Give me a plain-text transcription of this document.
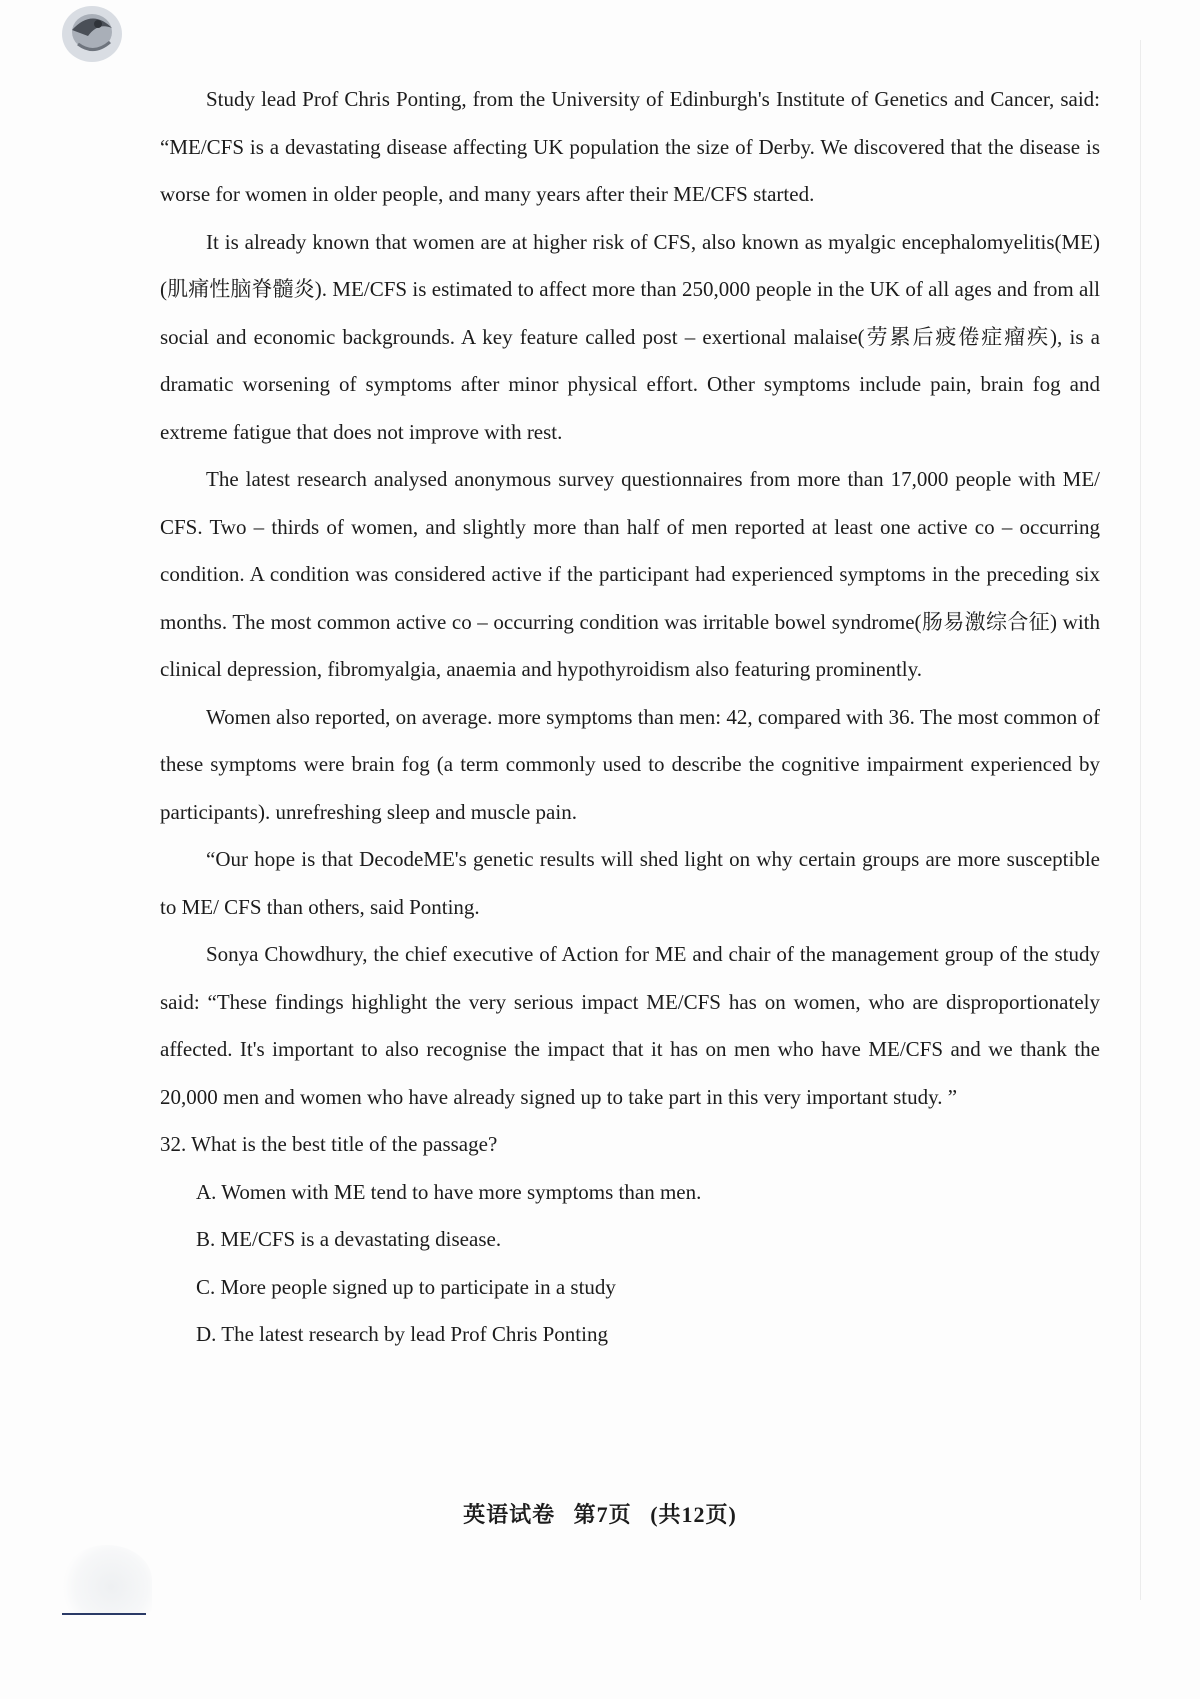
Study lead Prof Chris Ponting, from the University of Edinburgh's Institute of Genetics and Cancer, said: “ME/CFS is a devastating disease affecting UK population the size of Derby. We discovered that the disease is worse for women in older people, and many years after their ME/CFS started.

It is already known that women are at higher risk of CFS, also known as myalgic encephalomyelitis(ME)(肌痛性脑脊髓炎). ME/CFS is estimated to affect more than 250,000 people in the UK of all ages and from all social and economic backgrounds. A key feature called post – exertional malaise(劳累后疲倦症瘤疾), is a dramatic worsening of symptoms after minor physical effort. Other symptoms include pain, brain fog and extreme fatigue that does not improve with rest.

The latest research analysed anonymous survey questionnaires from more than 17,000 people with ME/ CFS. Two – thirds of women, and slightly more than half of men reported at least one active co – occurring condition. A condition was considered active if the participant had experienced symptoms in the preceding six months. The most common active co – occurring condition was irritable bowel syndrome(肠易激综合征) with clinical depression, fibromyalgia, anaemia and hypothyroidism also featuring prominently.

Women also reported, on average. more symptoms than men: 42, compared with 36. The most common of these symptoms were brain fog (a term commonly used to describe the cognitive impairment experienced by participants). unrefreshing sleep and muscle pain.

“Our hope is that DecodeME's genetic results will shed light on why certain groups are more susceptible to ME/ CFS than others, said Ponting.

Sonya Chowdhury, the chief executive of Action for ME and chair of the management group of the study said: “These findings highlight the very serious impact ME/CFS has on women, who are disproportionately affected. It's important to also recognise the impact that it has on men who have ME/CFS and we thank the 20,000 men and women who have already signed up to take part in this very important study. ”

32. What is the best title of the passage?

A. Women with ME tend to have more symptoms than men.

B. ME/CFS is a devastating disease.

C. More people signed up to participate in a study

D. The latest research by lead Prof Chris Ponting

英语试卷 第7页 (共12页)
